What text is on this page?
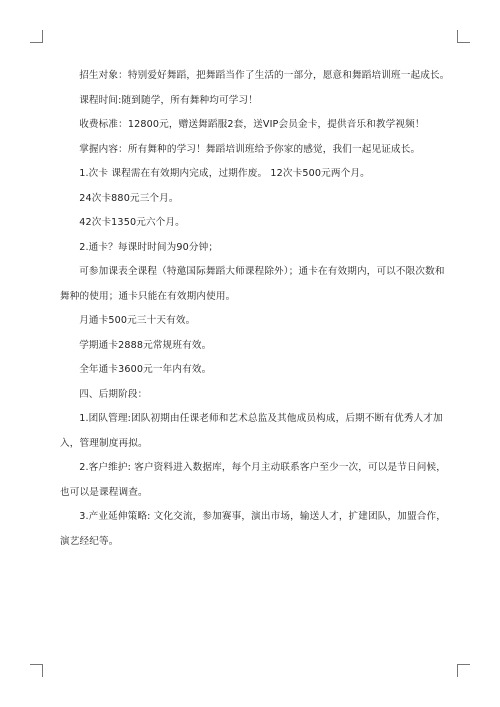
招生对象：特别爱好舞蹈，把舞蹈当作了生活的一部分，愿意和舞蹈培训班一起成长。

课程时间:随到随学，所有舞种均可学习！

收费标准：12800元，赠送舞蹈服2套，送VIP会员金卡，提供音乐和教学视频！

掌握内容：所有舞种的学习！舞蹈培训班给予你家的感觉，我们一起见证成长。

1.次卡 课程需在有效期内完成，过期作废。 12次卡500元两个月。

24次卡880元三个月。

42次卡1350元六个月。

2.通卡？每课时时间为90分钟；

可参加课表全课程（特邀国际舞蹈大师课程除外）；通卡在有效期内，可以不限次数和舞种的使用；通卡只能在有效期内使用。

月通卡500元三十天有效。

学期通卡2888元常规班有效。

全年通卡3600元一年内有效。

四、后期阶段：

1.团队管理:团队初期由任课老师和艺术总监及其他成员构成，后期不断有优秀人才加入，管理制度再拟。

2.客户维护: 客户资料进入数据库，每个月主动联系客户至少一次，可以是节日问候，也可以是课程调查。

3.产业延伸策略: 文化交流，参加赛事，演出市场，输送人才，扩建团队，加盟合作，演艺经纪等。
